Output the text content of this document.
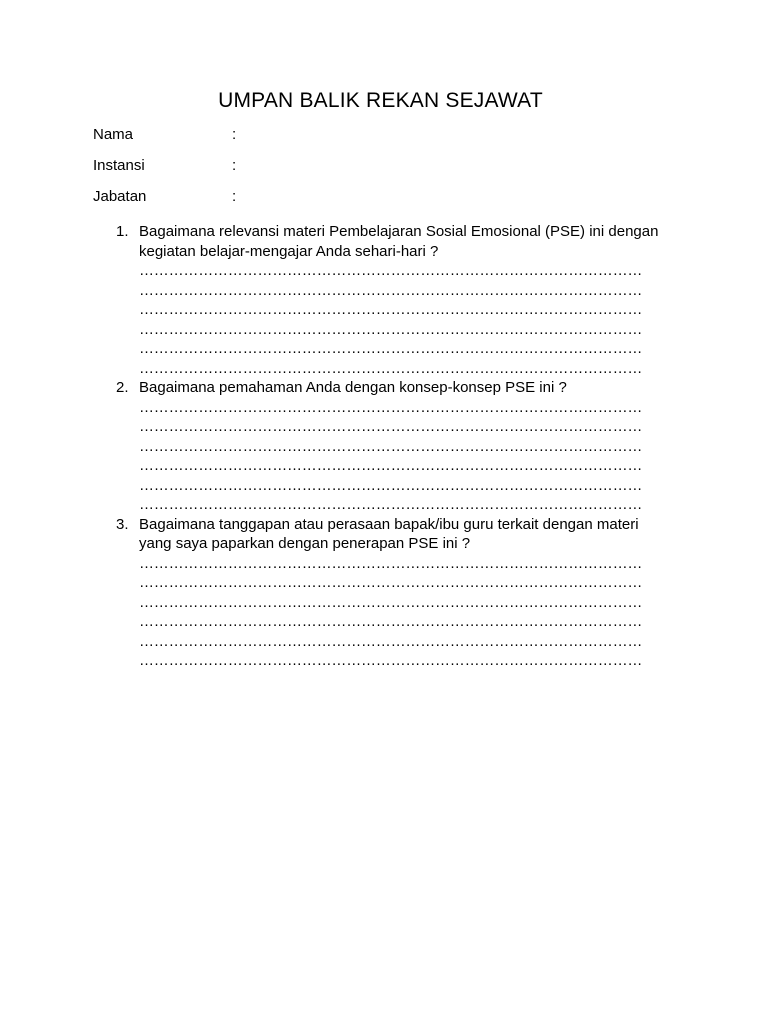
UMPAN BALIK REKAN SEJAWAT
Nama	:
Instansi	:
Jabatan	:
1. Bagaimana relevansi materi Pembelajaran Sosial Emosional (PSE) ini dengan kegiatan belajar-mengajar Anda sehari-hari ?
…………………………………………………………………………………………
…………………………………………………………………………………………
…………………………………………………………………………………………
…………………………………………………………………………………………
…………………………………………………………………………………………
…………………………………………………………………………………………
2. Bagaimana pemahaman Anda dengan konsep-konsep PSE ini ?
…………………………………………………………………………………………
…………………………………………………………………………………………
…………………………………………………………………………………………
…………………………………………………………………………………………
…………………………………………………………………………………………
…………………………………………………………………………………………
3. Bagaimana tanggapan atau perasaan bapak/ibu guru terkait dengan materi yang saya paparkan dengan penerapan PSE ini ?
…………………………………………………………………………………………
…………………………………………………………………………………………
…………………………………………………………………………………………
…………………………………………………………………………………………
…………………………………………………………………………………………
…………………………………………………………………………………………
